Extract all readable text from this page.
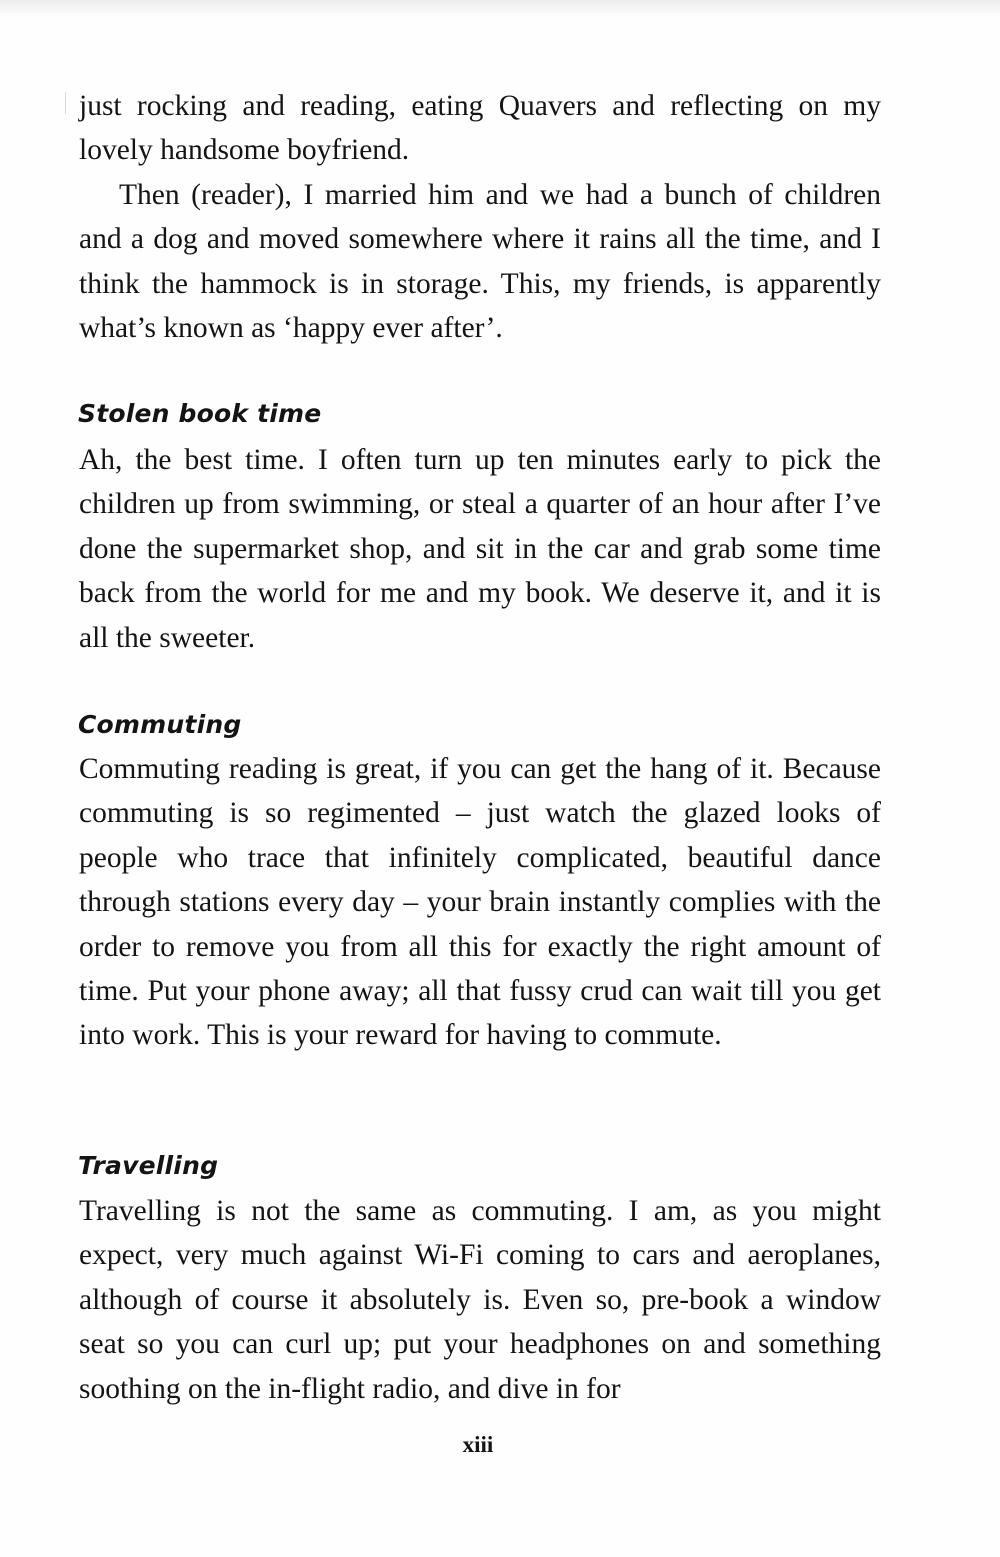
just rocking and reading, eating Quavers and reflecting on my lovely handsome boyfriend.

Then (reader), I married him and we had a bunch of children and a dog and moved somewhere where it rains all the time, and I think the hammock is in storage. This, my friends, is apparently what’s known as ‘happy ever after’.

Stolen book time

Ah, the best time. I often turn up ten minutes early to pick the children up from swimming, or steal a quarter of an hour after I’ve done the supermarket shop, and sit in the car and grab some time back from the world for me and my book. We deserve it, and it is all the sweeter.

Commuting

Commuting reading is great, if you can get the hang of it. Because commuting is so regimented – just watch the glazed looks of people who trace that infinitely complicated, beautiful dance through stations every day – your brain instantly complies with the order to remove you from all this for exactly the right amount of time. Put your phone away; all that fussy crud can wait till you get into work. This is your reward for having to commute.

Travelling

Travelling is not the same as commuting. I am, as you might expect, very much against Wi-Fi coming to cars and aeroplanes, although of course it absolutely is. Even so, pre-book a window seat so you can curl up; put your headphones on and something soothing on the in-flight radio, and dive in for

xiii
